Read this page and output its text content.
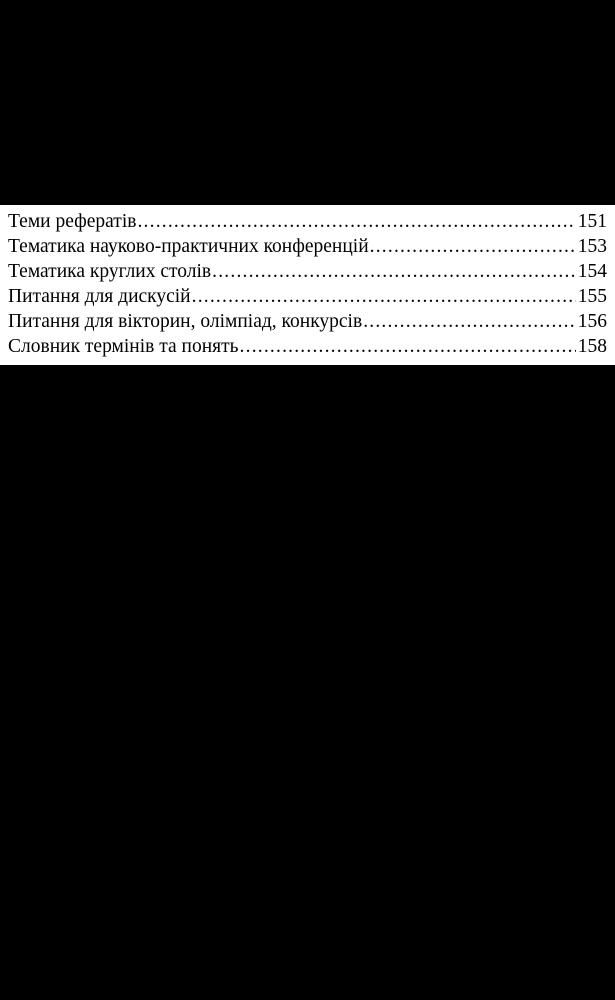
Теми рефератів .....	151
Тематика науково-практичних конференцій .....	153
Тематика круглих столів .....	154
Питання для дискусій .....	155
Питання для вікторин, олімпіад, конкурсів .....	156
Словник термінів та понять .....	158
